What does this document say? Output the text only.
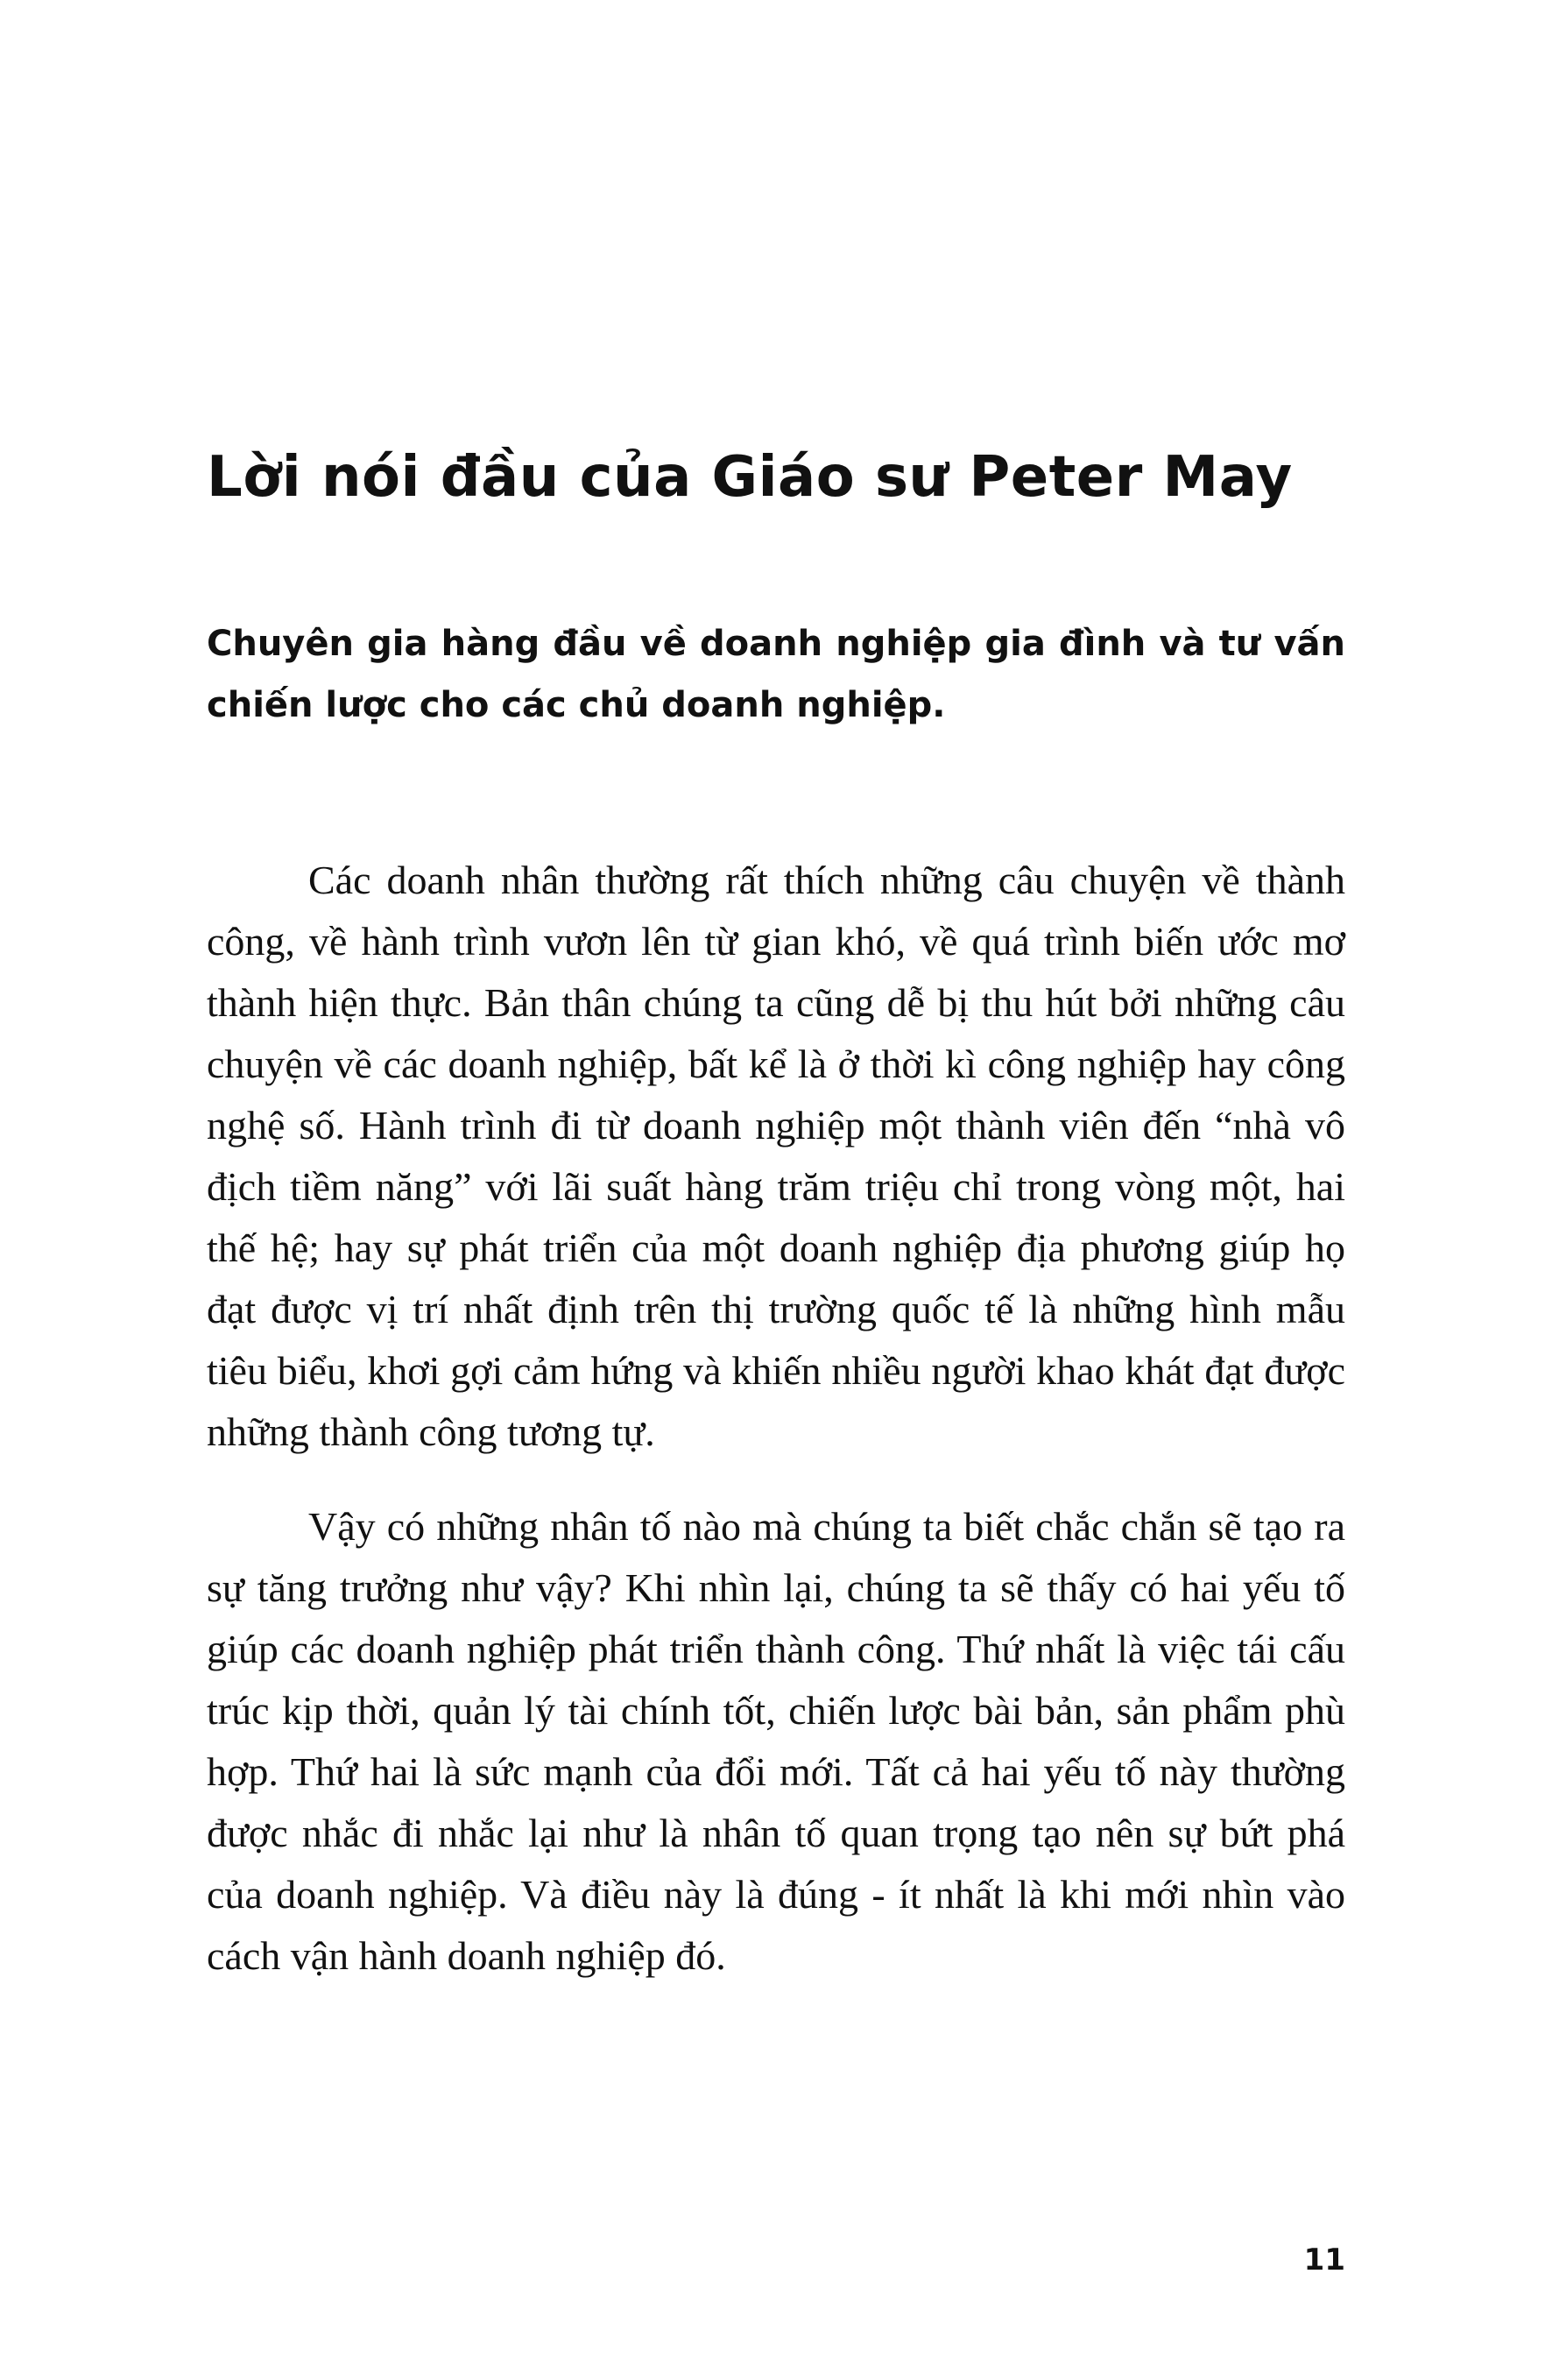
Lời nói đầu của Giáo sư Peter May

Chuyên gia hàng đầu về doanh nghiệp gia đình và tư vấn chiến lược cho các chủ doanh nghiệp.

Các doanh nhân thường rất thích những câu chuyện về thành công, về hành trình vươn lên từ gian khó, về quá trình biến ước mơ thành hiện thực. Bản thân chúng ta cũng dễ bị thu hút bởi những câu chuyện về các doanh nghiệp, bất kể là ở thời kì công nghiệp hay công nghệ số. Hành trình đi từ doanh nghiệp một thành viên đến “nhà vô địch tiềm năng” với lãi suất hàng trăm triệu chỉ trong vòng một, hai thế hệ; hay sự phát triển của một doanh nghiệp địa phương giúp họ đạt được vị trí nhất định trên thị trường quốc tế là những hình mẫu tiêu biểu, khơi gợi cảm hứng và khiến nhiều người khao khát đạt được những thành công tương tự.

Vậy có những nhân tố nào mà chúng ta biết chắc chắn sẽ tạo ra sự tăng trưởng như vậy? Khi nhìn lại, chúng ta sẽ thấy có hai yếu tố giúp các doanh nghiệp phát triển thành công. Thứ nhất là việc tái cấu trúc kịp thời, quản lý tài chính tốt, chiến lược bài bản, sản phẩm phù hợp. Thứ hai là sức mạnh của đổi mới. Tất cả hai yếu tố này thường được nhắc đi nhắc lại như là nhân tố quan trọng tạo nên sự bứt phá của doanh nghiệp. Và điều này là đúng - ít nhất là khi mới nhìn vào cách vận hành doanh nghiệp đó.

11
